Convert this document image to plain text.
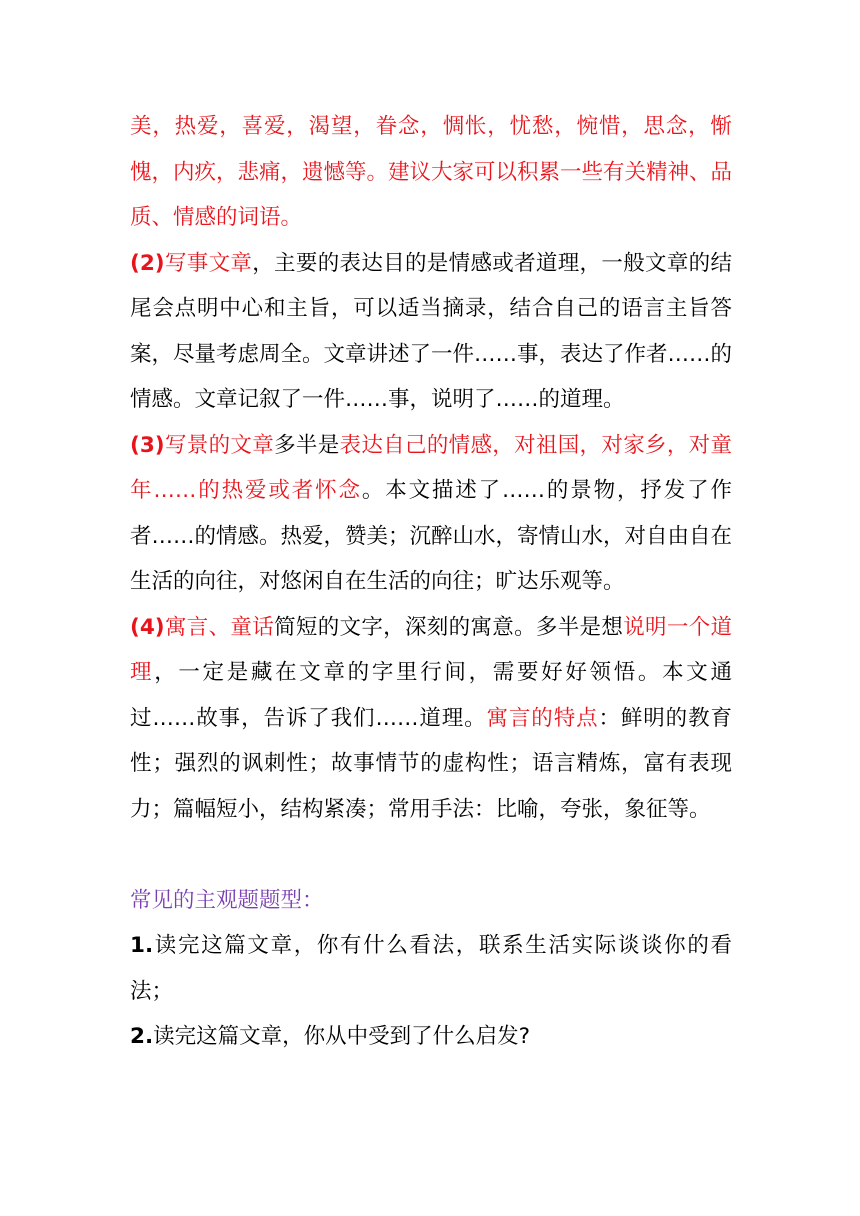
美，热爱，喜爱，渴望，眷念，惆怅，忧愁，惋惜，思念，惭愧，内疚，悲痛，遗憾等。建议大家可以积累一些有关精神、品质、情感的词语。

(2)写事文章，主要的表达目的是情感或者道理，一般文章的结尾会点明中心和主旨，可以适当摘录，结合自己的语言主旨答案，尽量考虑周全。文章讲述了一件……事，表达了作者……的情感。文章记叙了一件……事，说明了……的道理。

(3)写景的文章多半是表达自己的情感，对祖国，对家乡，对童年……的热爱或者怀念。本文描述了……的景物，抒发了作者……的情感。热爱，赞美；沉醉山水，寄情山水，对自由自在生活的向往，对悠闲自在生活的向往；旷达乐观等。

(4)寓言、童话简短的文字，深刻的寓意。多半是想说明一个道理，一定是藏在文章的字里行间，需要好好领悟。本文通过……故事，告诉了我们……道理。寓言的特点：鲜明的教育性；强烈的讽刺性；故事情节的虚构性；语言精炼，富有表现力；篇幅短小，结构紧凑；常用手法：比喻，夸张，象征等。

常见的主观题题型：

1.读完这篇文章，你有什么看法，联系生活实际谈谈你的看法；

2.读完这篇文章，你从中受到了什么启发?
